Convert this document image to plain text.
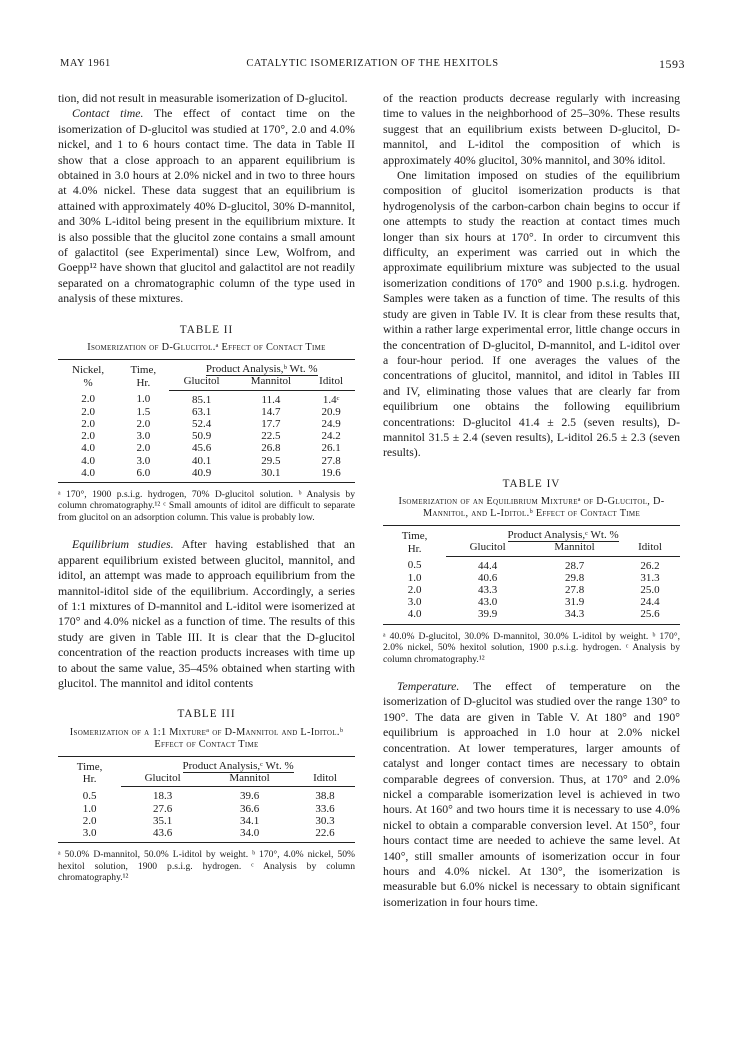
MAY 1961	CATALYTIC ISOMERIZATION OF THE HEXITOLS	1593

tion, did not result in measurable isomerization of D-glucitol.

Contact time. The effect of contact time on the isomerization of D-glucitol was studied at 170°, 2.0 and 4.0% nickel, and 1 to 6 hours contact time. The data in Table II show that a close approach to an apparent equilibrium is obtained in 3.0 hours at 2.0% nickel and in two to three hours at 4.0% nickel. These data suggest that an equilibrium is attained with approximately 40% D-glucitol, 30% D-mannitol, and 30% L-iditol being present in the equilibrium mixture. It is also possible that the glucitol zone contains a small amount of galactitol (see Experimental) since Lew, Wolfrom, and Goepp¹² have shown that glucitol and galactitol are not readily separated on a chromatographic column of the type used in analysis of these mixtures.

TABLE II
Isomerization of D-Glucitol.ᵃ Effect of Contact Time
Nickel,
%	Time,
Hr.	Product Analysis,ᵇ Wt. %		
		Glucitol	Mannitol	Iditol
2.0	1.0	85.1	11.4	1.4ᶜ
2.0	1.5	63.1	14.7	20.9
2.0	2.0	52.4	17.7	24.9
2.0	3.0	50.9	22.5	24.2
4.0	2.0	45.6	26.8	26.1
4.0	3.0	40.1	29.5	27.8
4.0	6.0	40.9	30.1	19.6
ᵃ 170°, 1900 p.s.i.g. hydrogen, 70% D-glucitol solution. ᵇ Analysis by column chromatography.¹² ᶜ Small amounts of iditol are difficult to separate from glucitol on an adsorption column. This value is probably low.

Equilibrium studies. After having established that an apparent equilibrium existed between glucitol, mannitol, and iditol, an attempt was made to approach equilibrium from the mannitol-iditol side of the equilibrium. Accordingly, a series of 1:1 mixtures of D-mannitol and L-iditol were isomerized at 170° and 4.0% nickel as a function of time. The results of this study are given in Table III. It is clear that the D-glucitol concentration of the reaction products increases with time up to about the same value, 35–45% obtained when starting with glucitol. The mannitol and iditol contents

TABLE III
Isomerization of a 1:1 Mixtureᵃ of D-Mannitol and L-Iditol.ᵇ Effect of Contact Time
Time,
Hr.	Product Analysis,ᶜ Wt. %		
	Glucitol	Mannitol	Iditol
0.5	18.3	39.6	38.8
1.0	27.6	36.6	33.6
2.0	35.1	34.1	30.3
3.0	43.6	34.0	22.6
ᵃ 50.0% D-mannitol, 50.0% L-iditol by weight. ᵇ 170°, 4.0% nickel, 50% hexitol solution, 1900 p.s.i.g. hydrogen. ᶜ Analysis by column chromatography.¹²

of the reaction products decrease regularly with increasing time to values in the neighborhood of 25–30%. These results suggest that an equilibrium exists between D-glucitol, D-mannitol, and L-iditol the composition of which is approximately 40% glucitol, 30% mannitol, and 30% iditol.

One limitation imposed on studies of the equilibrium composition of glucitol isomerization products is that hydrogenolysis of the carbon-carbon chain begins to occur if one attempts to study the reaction at contact times much longer than six hours at 170°. In order to circumvent this difficulty, an experiment was carried out in which the approximate equilibrium mixture was subjected to the usual isomerization conditions of 170° and 1900 p.s.i.g. hydrogen. Samples were taken as a function of time. The results of this study are given in Table IV. It is clear from these results that, within a rather large experimental error, little change occurs in the concentration of D-glucitol, D-mannitol, and L-iditol over a four-hour period. If one averages the values of the concentrations of glucitol, mannitol, and iditol in Tables III and IV, eliminating those values that are clearly far from equilibrium one obtains the following equilibrium concentrations: D-glucitol 41.4 ± 2.5 (seven results), D-mannitol 31.5 ± 2.4 (seven results), L-iditol 26.5 ± 2.3 (seven results).

TABLE IV
Isomerization of an Equilibrium Mixtureᵃ of D-Glucitol, D-Mannitol, and L-Iditol.ᵇ Effect of Contact Time
Time,
Hr.	Product Analysis,ᶜ Wt. %		
	Glucitol	Mannitol	Iditol
0.5	44.4	28.7	26.2
1.0	40.6	29.8	31.3
2.0	43.3	27.8	25.0
3.0	43.0	31.9	24.4
4.0	39.9	34.3	25.6
ᵃ 40.0% D-glucitol, 30.0% D-mannitol, 30.0% L-iditol by weight. ᵇ 170°, 2.0% nickel, 50% hexitol solution, 1900 p.s.i.g. hydrogen. ᶜ Analysis by column chromatography.¹²

Temperature. The effect of temperature on the isomerization of D-glucitol was studied over the range 130° to 190°. The data are given in Table V. At 180° and 190° equilibrium is approached in 1.0 hour at 2.0% nickel concentration. At lower temperatures, larger amounts of catalyst and longer contact times are necessary to obtain comparable degrees of conversion. Thus, at 170° and 2.0% nickel a comparable isomerization level is achieved in two hours. At 160° and two hours time it is necessary to use 4.0% nickel to obtain a comparable conversion level. At 150°, four hours contact time are needed to achieve the same level. At 140°, still smaller amounts of isomerization occur in four hours and 4.0% nickel. At 130°, the isomerization is measurable but 6.0% nickel is necessary to obtain significant isomerization in four hours time.
